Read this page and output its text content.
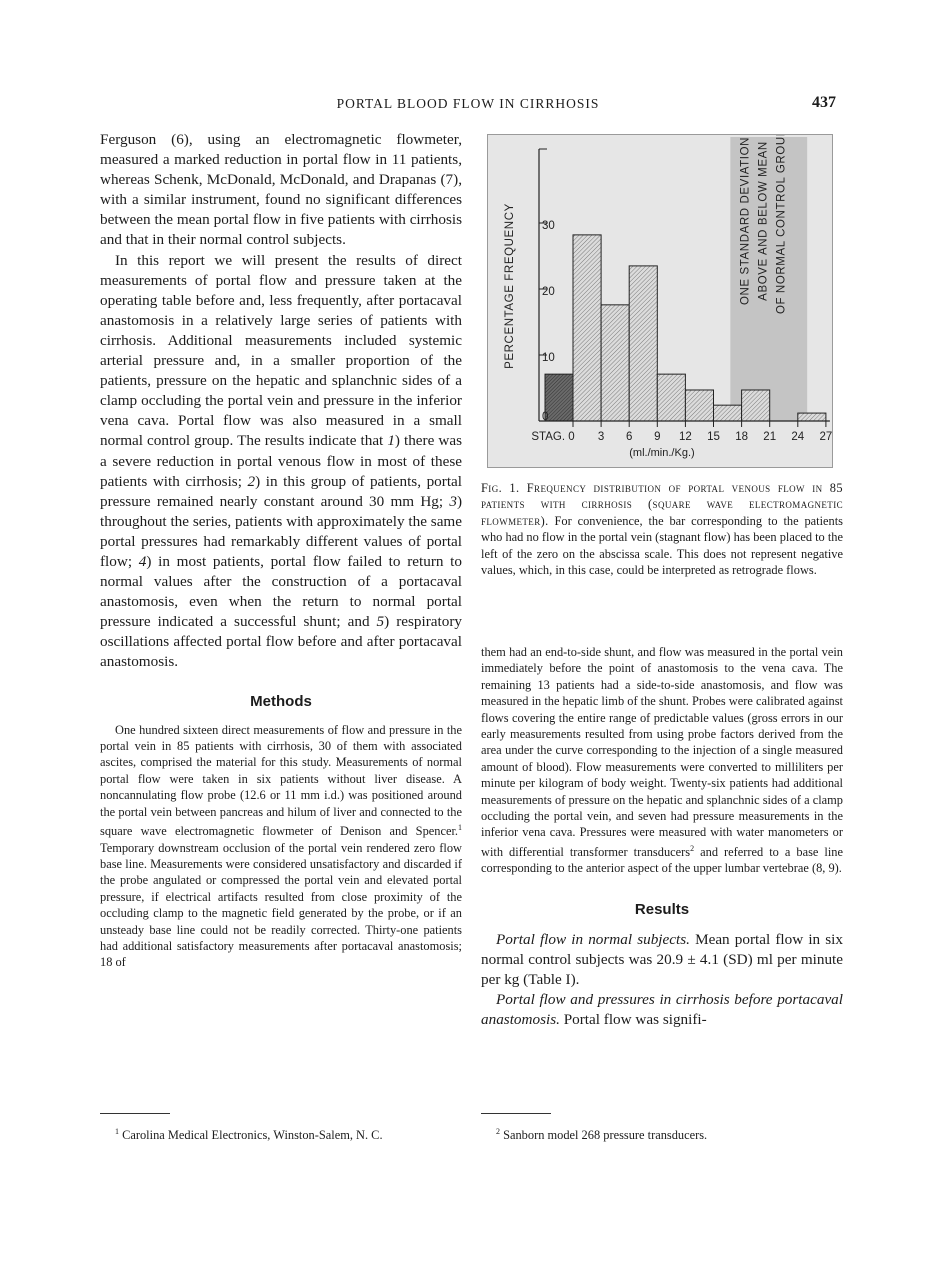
PORTAL BLOOD FLOW IN CIRRHOSIS	437

Ferguson (6), using an electromagnetic flowmeter, measured a marked reduction in portal flow in 11 patients, whereas Schenk, McDonald, McDonald, and Drapanas (7), with a similar instrument, found no significant differences between the mean portal flow in five patients with cirrhosis and that in their normal control subjects.

In this report we will present the results of direct measurements of portal flow and pressure taken at the operating table before and, less frequently, after portacaval anastomosis in a relatively large series of patients with cirrhosis. Additional measurements included systemic arterial pressure and, in a smaller proportion of the patients, pressure on the hepatic and splanchnic sides of a clamp occluding the portal vein and pressure in the inferior vena cava. Portal flow was also measured in a small normal control group. The results indicate that 1) there was a severe reduction in portal venous flow in most of these patients with cirrhosis; 2) in this group of patients, portal pressure remained nearly constant around 30 mm Hg; 3) throughout the series, patients with approximately the same portal pressures had remarkably different values of portal flow; 4) in most patients, portal flow failed to return to normal values after the construction of a portacaval anastomosis, even when the return to normal portal pressure indicated a successful shunt; and 5) respiratory oscillations affected portal flow before and after portacaval anastomosis.

Methods

One hundred sixteen direct measurements of flow and pressure in the portal vein in 85 patients with cirrhosis, 30 of them with associated ascites, comprised the material for this study. Measurements of normal portal flow were taken in six patients without liver disease. A noncannulating flow probe (12.6 or 11 mm i.d.) was positioned around the portal vein between pancreas and hilum of liver and connected to the square wave electromagnetic flowmeter of Denison and Spencer.$^1$ Temporary downstream occlusion of the portal vein rendered zero flow base line. Measurements were considered unsatisfactory and discarded if the probe angulated or compressed the portal vein and elevated portal pressure, if electrical artifacts resulted from close proximity of the occluding clamp to the magnetic field generated by the probe, or if an unsteady base line could not be readily corrected. Thirty-one patients had additional satisfactory measurements after portacaval anastomosis; 18 of

$^1$ Carolina Medical Electronics, Winston-Salem, N. C.
ONE STANDARD DEVIATION ABOVE AND BELOW MEAN OF NORMAL CONTROL GROUP
0
10
20
30
STAG. 0 3 6 9 12 15 18 21 24 27
(ml./min./Kg.)
PERCENTAGE FREQUENCY
Fig. 1. Frequency distribution of portal venous flow in 85 patients with cirrhosis (square wave electromagnetic flowmeter). For convenience, the bar corresponding to the patients who had no flow in the portal vein (stagnant flow) has been placed to the left of the zero on the abscissa scale. This does not represent negative values, which, in this case, could be interpreted as retrograde flows.

them had an end-to-side shunt, and flow was measured in the portal vein immediately before the point of anastomosis to the vena cava. The remaining 13 patients had a side-to-side anastomosis, and flow was measured in the hepatic limb of the shunt. Probes were calibrated against flows covering the entire range of predictable values (gross errors in our early measurements resulted from using probe factors derived from the area under the curve corresponding to the injection of a single measured amount of blood). Flow measurements were converted to milliliters per minute per kilogram of body weight. Twenty-six patients had additional measurements of pressure on the hepatic and splanchnic sides of a clamp occluding the portal vein, and seven had pressure measurements in the inferior vena cava. Pressures were measured with water manometers or with differential transformer transducers$^2$ and referred to a base line corresponding to the anterior aspect of the upper lumbar vertebrae (8, 9).

Results

Portal flow in normal subjects. Mean portal flow in six normal control subjects was 20.9 ± 4.1 (SD) ml per minute per kg (Table I).

Portal flow and pressures in cirrhosis before portacaval anastomosis. Portal flow was signifi-

$^2$ Sanborn model 268 pressure transducers.
